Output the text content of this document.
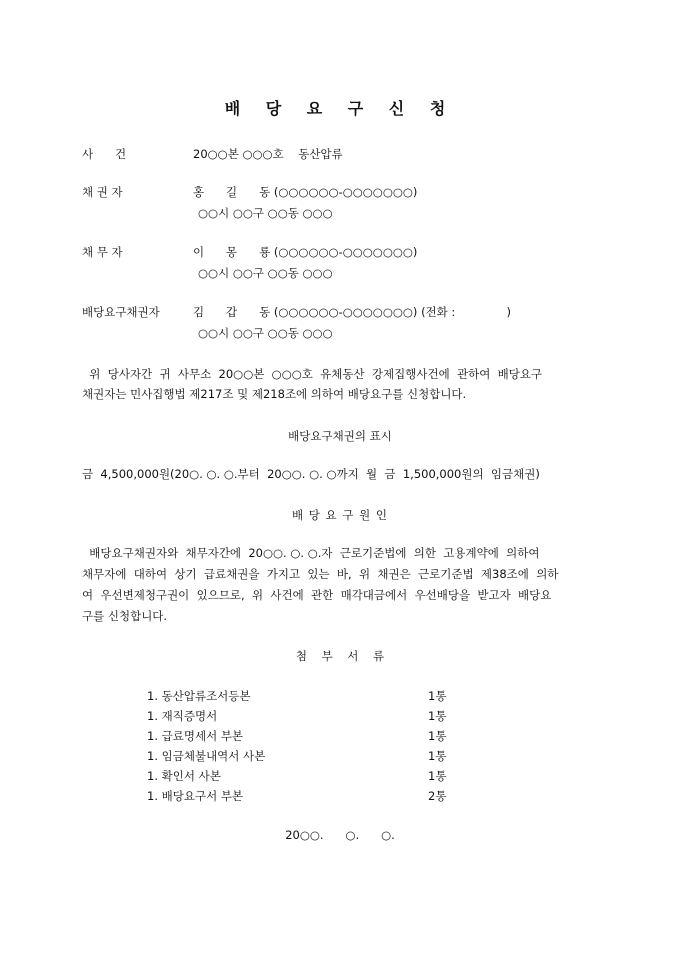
배 당 요 구 신 청
사      건	20○○본 ○○○호    동산압류
채 권 자	홍      길      동 (○○○○○○-○○○○○○○)
○○시 ○○구 ○○동 ○○○
채 무 자	이      몽      룡 (○○○○○○-○○○○○○○)
○○시 ○○구 ○○동 ○○○
배당요구채권자	김      갑      동 (○○○○○○-○○○○○○○) (전화 :              )
○○시 ○○구 ○○동 ○○○
위  당사자간  귀  사무소  20○○본  ○○○호  유체동산  강제집행사건에  관하여  배당요구
채권자는 민사집행법 제217조 및 제218조에 의하여 배당요구를 신청합니다.
배당요구채권의 표시
금  4,500,000원(20○. ○. ○.부터  20○○. ○. ○까지  월  금  1,500,000원의  임금채권)
배 당 요 구 원 인
배당요구채권자와  채무자간에  20○○. ○. ○.자  근로기준법에  의한  고용계약에  의하여
채무자에  대하여  상기  급료채권을  가지고  있는  바,  위  채권은  근로기준법  제38조에  의하
여  우선변제청구권이  있으므로,  위  사건에  관한  매각대금에서  우선배당을  받고자  배당요
구를 신청합니다.
첨    부    서    류
1. 동산압류조서등본	1통
1. 재직증명서	1통
1. 급료명세서 부본	1통
1. 임금체불내역서 사본	1통
1. 확인서 사본	1통
1. 배당요구서 부본	2통
20○○.      ○.      ○.
